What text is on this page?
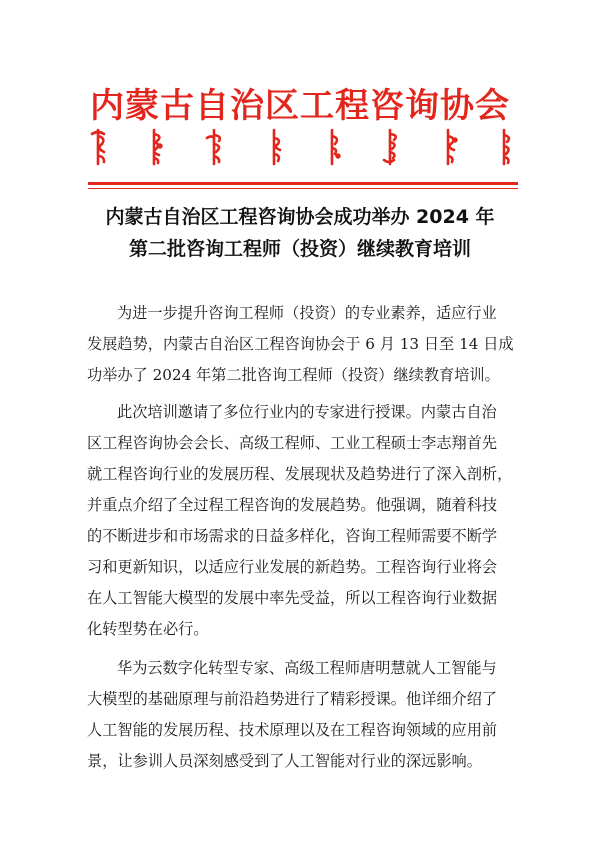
内蒙古自治区工程咨询协会
内蒙古自治区工程咨询协会成功举办 2024 年
第二批咨询工程师（投资）继续教育培训
为进一步提升咨询工程师（投资）的专业素养，适应行业
发展趋势，内蒙古自治区工程咨询协会于 6 月 13 日至 14 日成
功举办了 2024 年第二批咨询工程师（投资）继续教育培训。
此次培训邀请了多位行业内的专家进行授课。内蒙古自治
区工程咨询协会会长、高级工程师、工业工程硕士李志翔首先
就工程咨询行业的发展历程、发展现状及趋势进行了深入剖析，
并重点介绍了全过程工程咨询的发展趋势。他强调，随着科技
的不断进步和市场需求的日益多样化，咨询工程师需要不断学
习和更新知识，以适应行业发展的新趋势。工程咨询行业将会
在人工智能大模型的发展中率先受益，所以工程咨询行业数据
化转型势在必行。
华为云数字化转型专家、高级工程师唐明慧就人工智能与
大模型的基础原理与前沿趋势进行了精彩授课。他详细介绍了
人工智能的发展历程、技术原理以及在工程咨询领域的应用前
景，让参训人员深刻感受到了人工智能对行业的深远影响。
